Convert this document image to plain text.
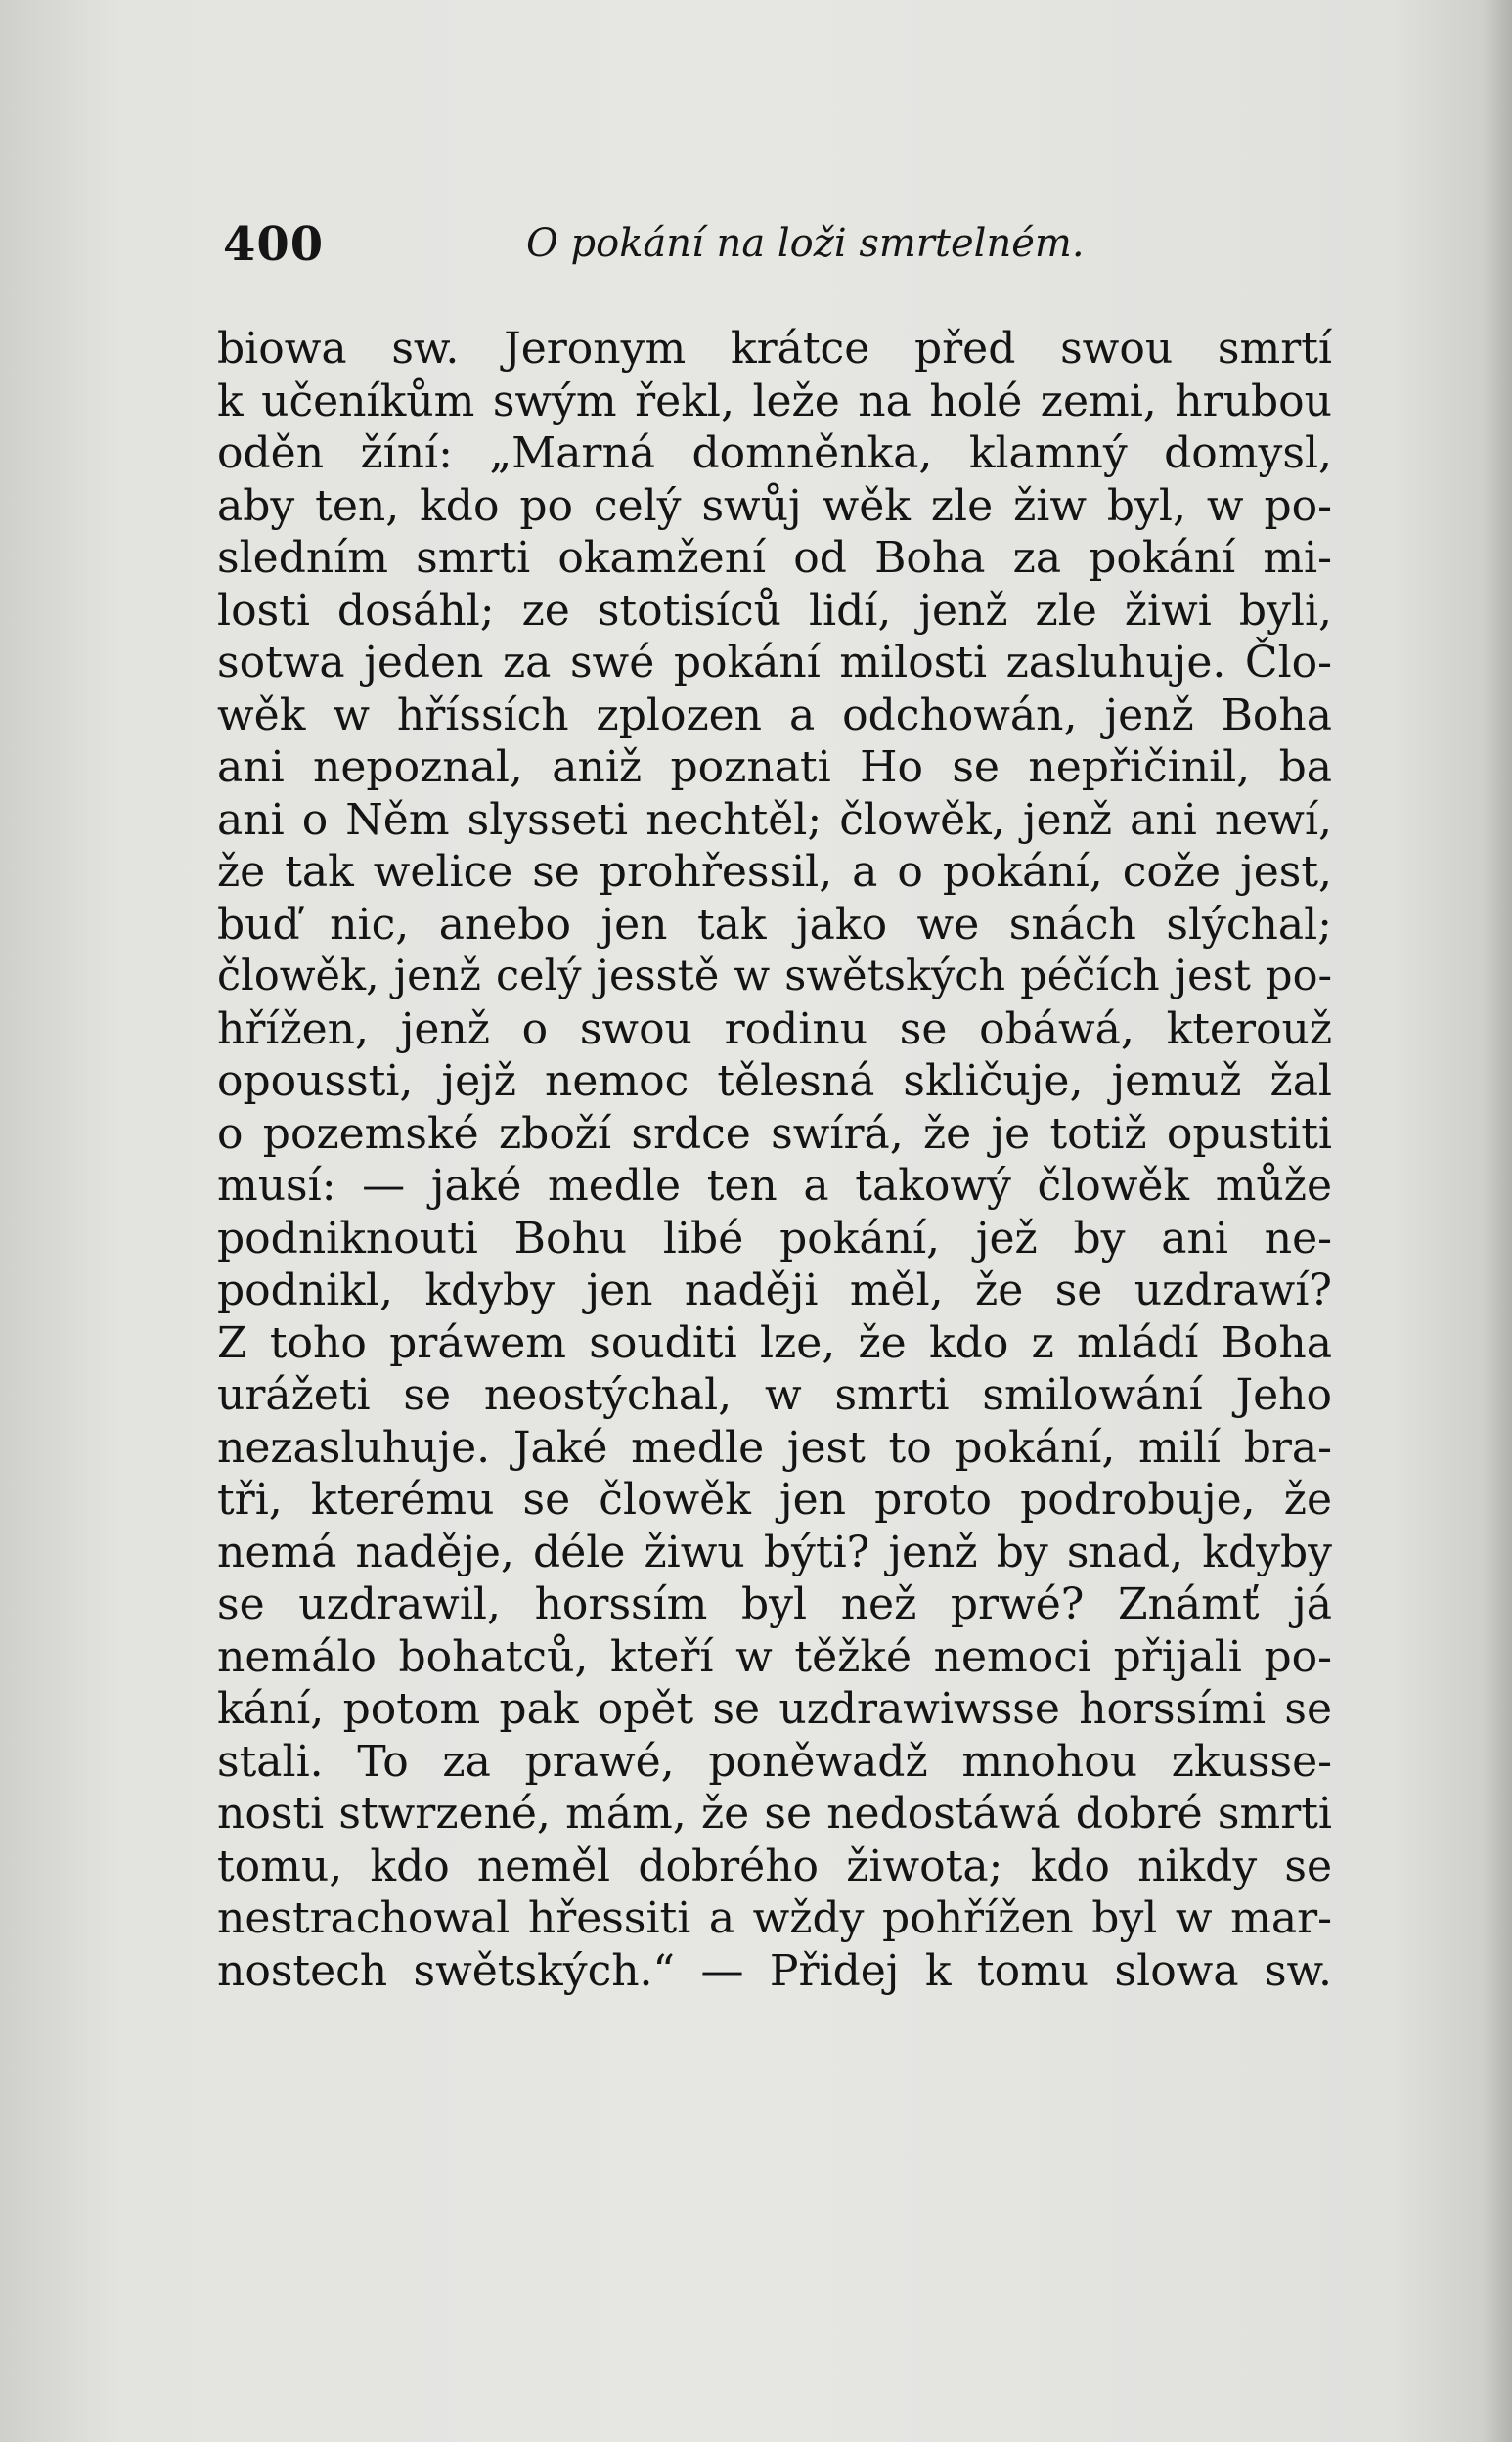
400	O pokání na loži smrtelném.
biowa sw. Jeronym krátce před swou smrtí
k učeníkům swým řekl, leže na holé zemi, hrubou
oděn žíní: „Marná domněnka, klamný domysl,
aby ten, kdo po celý swůj wěk zle žiw byl, w po-
sledním smrti okamžení od Boha za pokání mi-
losti dosáhl; ze stotisíců lidí, jenž zle žiwi byli,
sotwa jeden za swé pokání milosti zasluhuje. Člo-
wěk w hříssích zplozen a odchowán, jenž Boha
ani nepoznal, aniž poznati Ho se nepřičinil, ba
ani o Něm slysseti nechtěl; člowěk, jenž ani newí,
že tak welice se prohřessil, a o pokání, cože jest,
buď nic, anebo jen tak jako we snách slýchal;
člowěk, jenž celý jesstě w swětských péčích jest po-
hřížen, jenž o swou rodinu se obáwá, kterouž
opoussti, jejž nemoc tělesná skličuje, jemuž žal
o pozemské zboží srdce swírá, že je totiž opustiti
musí: — jaké medle ten a takowý člowěk může
podniknouti Bohu libé pokání, jež by ani ne-
podnikl, kdyby jen naději měl, že se uzdrawí?
Z toho práwem souditi lze, že kdo z mládí Boha
urážeti se neostýchal, w smrti smilowání Jeho
nezasluhuje. Jaké medle jest to pokání, milí bra-
tři, kterému se člowěk jen proto podrobuje, že
nemá naděje, déle žiwu býti? jenž by snad, kdyby
se uzdrawil, horssím byl než prwé? Známť já
nemálo bohatců, kteří w těžké nemoci přijali po-
kání, potom pak opět se uzdrawiwsse horssími se
stali. To za prawé, poněwadž mnohou zkusse-
nosti stwrzené, mám, že se nedostáwá dobré smrti
tomu, kdo neměl dobrého žiwota; kdo nikdy se
nestrachowal hřessiti a wždy pohřížen byl w mar-
nostech swětských.“ — Přidej k tomu slowa sw.
